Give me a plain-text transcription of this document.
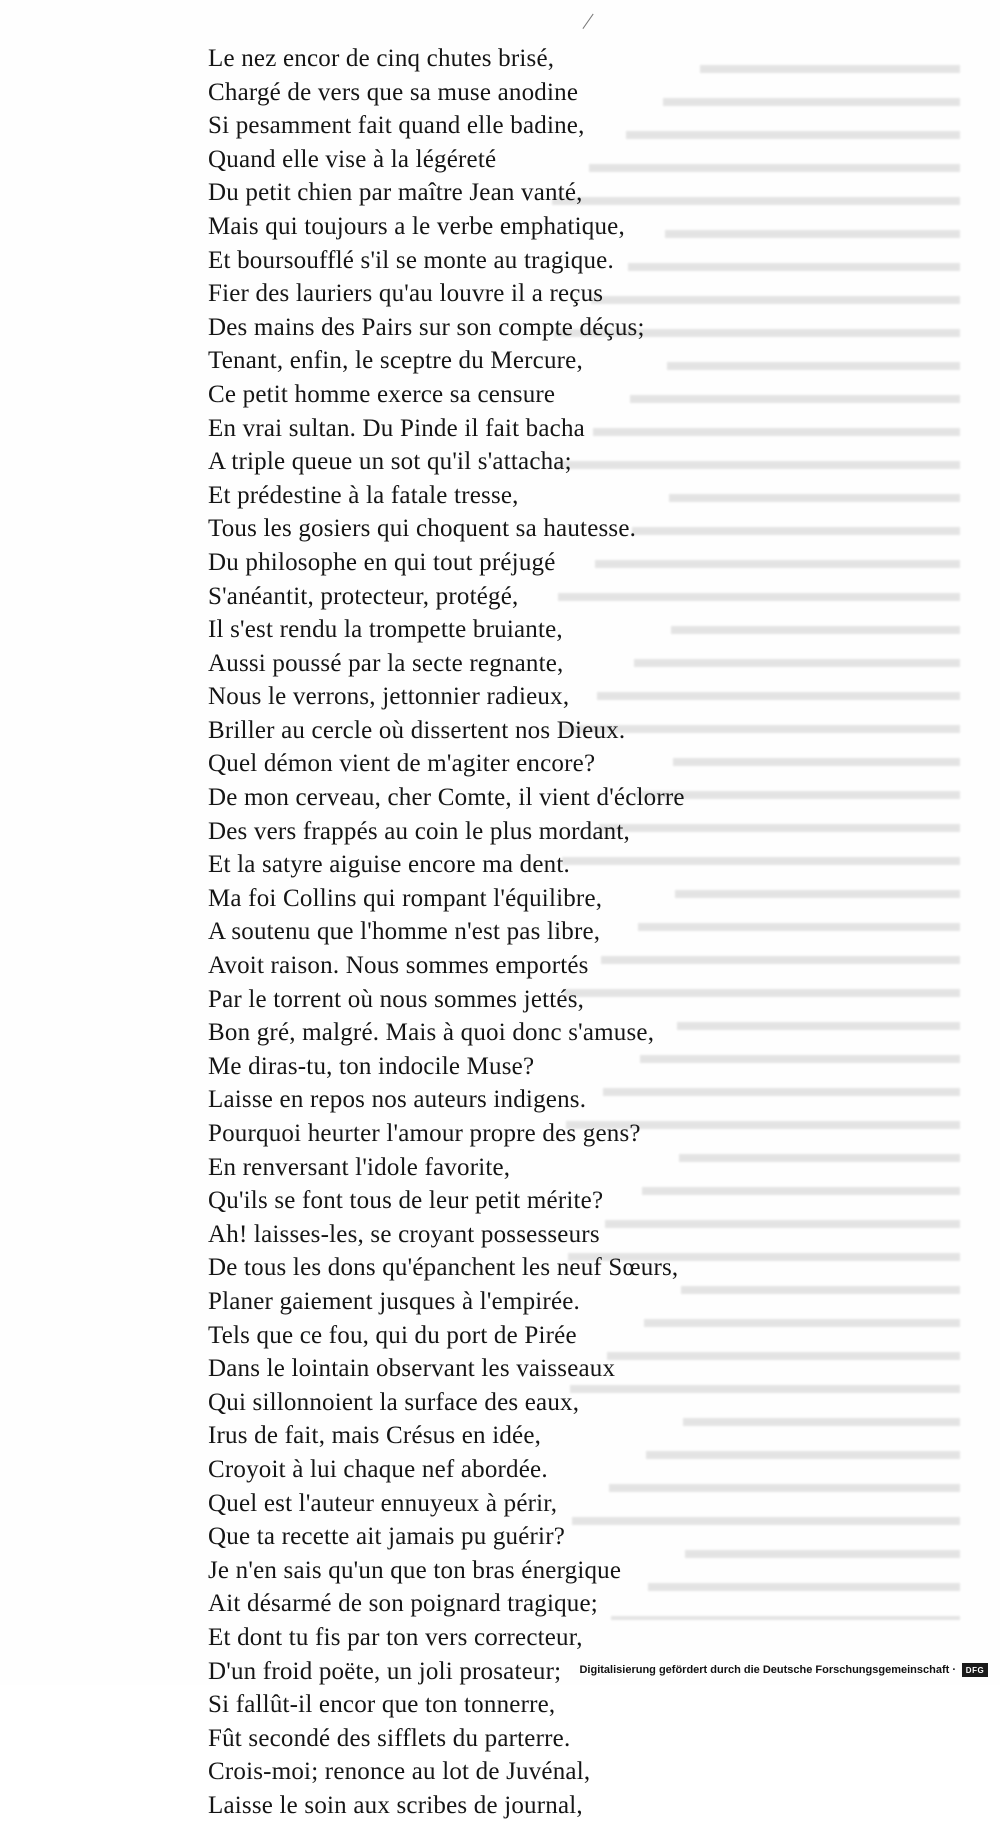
Le nez encor de cinq chutes brisé,
Chargé de vers que sa muse anodine
Si pesamment fait quand elle badine,
Quand elle vise à la légéreté
Du petit chien par maître Jean vanté,
Mais qui toujours a le verbe emphatique,
Et boursoufflé s'il se monte au tragique.
Fier des lauriers qu'au louvre il a reçus
Des mains des Pairs sur son compte déçus;
Tenant, enfin, le sceptre du Mercure,
Ce petit homme exerce sa censure
En vrai sultan. Du Pinde il fait bacha
A triple queue un sot qu'il s'attacha;
Et prédestine à la fatale tresse,
Tous les gosiers qui choquent sa hautesse.
Du philosophe en qui tout préjugé
S'anéantit, protecteur, protégé,
Il s'est rendu la trompette bruiante,
Aussi poussé par la secte regnante,
Nous le verrons, jettonnier radieux,
Briller au cercle où dissertent nos Dieux.
Quel démon vient de m'agiter encore?
De mon cerveau, cher Comte, il vient d'éclorre
Des vers frappés au coin le plus mordant,
Et la satyre aiguise encore ma dent.
Ma foi Collins qui rompant l'équilibre,
A soutenu que l'homme n'est pas libre,
Avoit raison. Nous sommes emportés
Par le torrent où nous sommes jettés,
Bon gré, malgré. Mais à quoi donc s'amuse,
Me diras-tu, ton indocile Muse?
Laisse en repos nos auteurs indigens.
Pourquoi heurter l'amour propre des gens?
En renversant l'idole favorite,
Qu'ils se font tous de leur petit mérite?
Ah! laisses-les, se croyant possesseurs
De tous les dons qu'épanchent les neuf Sœurs,
Planer gaiement jusques à l'empirée.
Tels que ce fou, qui du port de Pirée
Dans le lointain observant les vaisseaux
Qui sillonnoient la surface des eaux,
Irus de fait, mais Crésus en idée,
Croyoit à lui chaque nef abordée.
Quel est l'auteur ennuyeux à périr,
Que ta recette ait jamais pu guérir?
Je n'en sais qu'un que ton bras énergique
Ait désarmé de son poignard tragique;
Et dont tu fis par ton vers correcteur,
D'un froid poëte, un joli prosateur;
Si fallût-il encor que ton tonnerre,
Fût secondé des sifflets du parterre.
Crois-moi; renonce au lot de Juvénal,
Laisse le soin aux scribes de journal,
Digitalisierung gefördert durch die Deutsche Forschungsgemeinschaft ·	DFG
